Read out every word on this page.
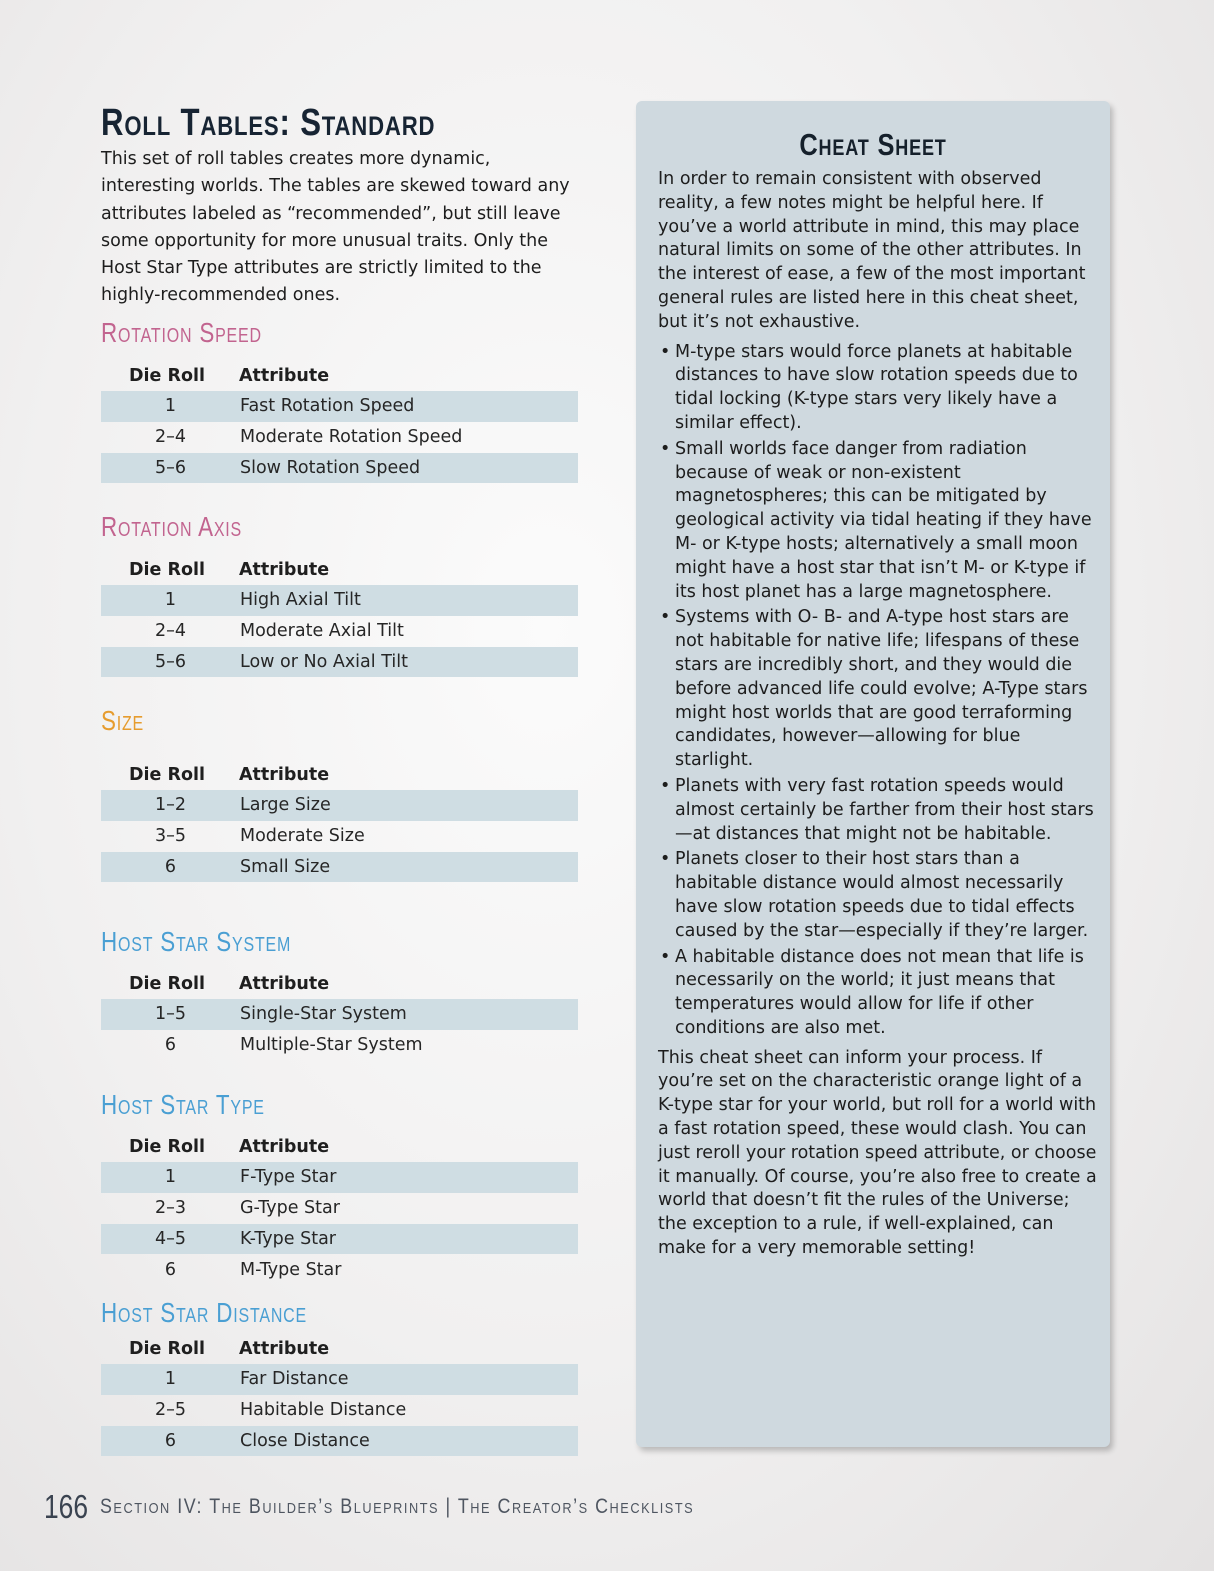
Roll Tables: Standard

This set of roll tables creates more dynamic, interesting worlds. The tables are skewed toward any attributes labeled as “recommended”, but still leave some opportunity for more unusual traits. Only the Host Star Type attributes are strictly limited to the highly-recommended ones.

Rotation Speed
Die Roll	Attribute
1	Fast Rotation Speed
2–4	Moderate Rotation Speed
5–6	Slow Rotation Speed
Rotation Axis
Die Roll	Attribute
1	High Axial Tilt
2–4	Moderate Axial Tilt
5–6	Low or No Axial Tilt
Size
Die Roll	Attribute
1–2	Large Size
3–5	Moderate Size
6	Small Size
Host Star System
Die Roll	Attribute
1–5	Single-Star System
6	Multiple-Star System
Host Star Type
Die Roll	Attribute
1	F-Type Star
2–3	G-Type Star
4–5	K-Type Star
6	M-Type Star
Host Star Distance
Die Roll	Attribute
1	Far Distance
2–5	Habitable Distance
6	Close Distance
Cheat Sheet

In order to remain consistent with observed reality, a few notes might be helpful here. If you’ve a world attribute in mind, this may place natural limits on some of the other attributes. In the interest of ease, a few of the most important general rules are listed here in this cheat sheet, but it’s not exhaustive.

• M-type stars would force planets at habitable distances to have slow rotation speeds due to tidal locking (K-type stars very likely have a similar effect).
• Small worlds face danger from radiation because of weak or non-existent magnetospheres; this can be mitigated by geological activity via tidal heating if they have M- or K-type hosts; alternatively a small moon might have a host star that isn’t M- or K-type if its host planet has a large magnetosphere.
• Systems with O- B- and A-type host stars are not habitable for native life; lifespans of these stars are incredibly short, and they would die before advanced life could evolve; A-Type stars might host worlds that are good terraforming candidates, however—allowing for blue starlight.
• Planets with very fast rotation speeds would almost certainly be farther from their host stars—at distances that might not be habitable.
• Planets closer to their host stars than a habitable distance would almost necessarily have slow rotation speeds due to tidal effects caused by the star—especially if they’re larger.
• A habitable distance does not mean that life is necessarily on the world; it just means that temperatures would allow for life if other conditions are also met.

This cheat sheet can inform your process. If you’re set on the characteristic orange light of a K-type star for your world, but roll for a world with a fast rotation speed, these would clash. You can just reroll your rotation speed attribute, or choose it manually. Of course, you’re also free to create a world that doesn’t fit the rules of the Universe; the exception to a rule, if well-explained, can make for a very memorable setting!

166 Section IV: The Builder’s Blueprints | The Creator’s Checklists
